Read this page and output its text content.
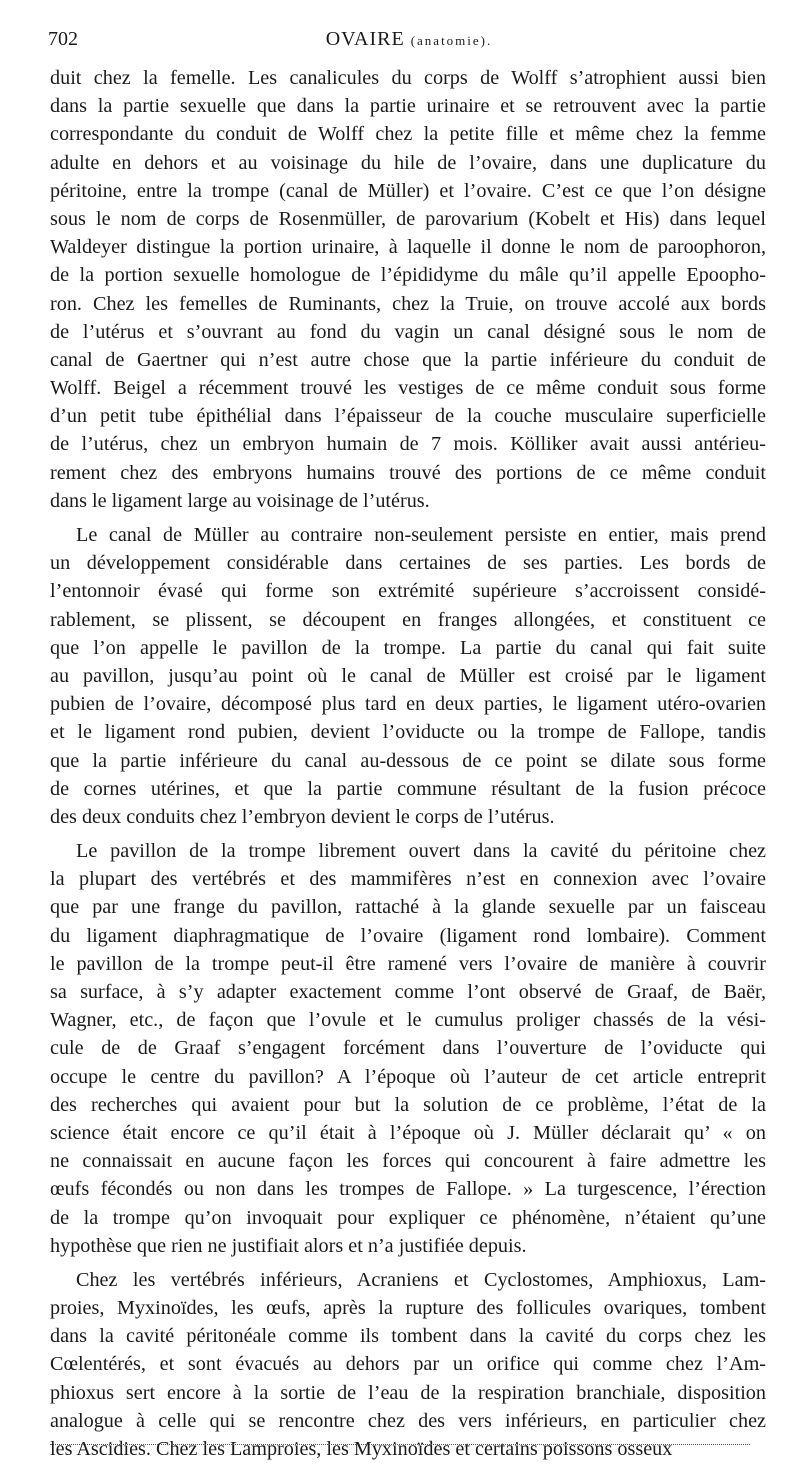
702	OVAIRE (anatomie).
duit chez la femelle. Les canalicules du corps de Wolff s’atrophient aussi bien
dans la partie sexuelle que dans la partie urinaire et se retrouvent avec la partie
correspondante du conduit de Wolff chez la petite fille et même chez la femme
adulte en dehors et au voisinage du hile de l’ovaire, dans une duplicature du
péritoine, entre la trompe (canal de Müller) et l’ovaire. C’est ce que l’on désigne
sous le nom de corps de Rosenmüller, de parovarium (Kobelt et His) dans lequel
Waldeyer distingue la portion urinaire, à laquelle il donne le nom de paroophoron,
de la portion sexuelle homologue de l’épididyme du mâle qu’il appelle Epoopho-
ron. Chez les femelles de Ruminants, chez la Truie, on trouve accolé aux bords
de l’utérus et s’ouvrant au fond du vagin un canal désigné sous le nom de
canal de Gaertner qui n’est autre chose que la partie inférieure du conduit de
Wolff. Beigel a récemment trouvé les vestiges de ce même conduit sous forme
d’un petit tube épithélial dans l’épaisseur de la couche musculaire superficielle
de l’utérus, chez un embryon humain de 7 mois. Kölliker avait aussi antérieu-
rement chez des embryons humains trouvé des portions de ce même conduit
dans le ligament large au voisinage de l’utérus.
Le canal de Müller au contraire non-seulement persiste en entier, mais prend
un développement considérable dans certaines de ses parties. Les bords de
l’entonnoir évasé qui forme son extrémité supérieure s’accroissent considé-
rablement, se plissent, se découpent en franges allongées, et constituent ce
que l’on appelle le pavillon de la trompe. La partie du canal qui fait suite
au pavillon, jusqu’au point où le canal de Müller est croisé par le ligament
pubien de l’ovaire, décomposé plus tard en deux parties, le ligament utéro-ovarien
et le ligament rond pubien, devient l’oviducte ou la trompe de Fallope, tandis
que la partie inférieure du canal au-dessous de ce point se dilate sous forme
de cornes utérines, et que la partie commune résultant de la fusion précoce
des deux conduits chez l’embryon devient le corps de l’utérus.
Le pavillon de la trompe librement ouvert dans la cavité du péritoine chez
la plupart des vertébrés et des mammifères n’est en connexion avec l’ovaire
que par une frange du pavillon, rattaché à la glande sexuelle par un faisceau
du ligament diaphragmatique de l’ovaire (ligament rond lombaire). Comment
le pavillon de la trompe peut-il être ramené vers l’ovaire de manière à couvrir
sa surface, à s’y adapter exactement comme l’ont observé de Graaf, de Baër,
Wagner, etc., de façon que l’ovule et le cumulus proliger chassés de la vési-
cule de de Graaf s’engagent forcément dans l’ouverture de l’oviducte qui
occupe le centre du pavillon? A l’époque où l’auteur de cet article entreprit
des recherches qui avaient pour but la solution de ce problème, l’état de la
science était encore ce qu’il était à l’époque où J. Müller déclarait qu’ « on
ne connaissait en aucune façon les forces qui concourent à faire admettre les
œufs fécondés ou non dans les trompes de Fallope. » La turgescence, l’érection
de la trompe qu’on invoquait pour expliquer ce phénomène, n’étaient qu’une
hypothèse que rien ne justifiait alors et n’a justifiée depuis.
Chez les vertébrés inférieurs, Acraniens et Cyclostomes, Amphioxus, Lam-
proies, Myxinoïdes, les œufs, après la rupture des follicules ovariques, tombent
dans la cavité péritonéale comme ils tombent dans la cavité du corps chez les
Cœlentérés, et sont évacués au dehors par un orifice qui comme chez l’Am-
phioxus sert encore à la sortie de l’eau de la respiration branchiale, disposition
analogue à celle qui se rencontre chez des vers inférieurs, en particulier chez
les Ascidies. Chez les Lamproies, les Myxinoïdes et certains poissons osseux
